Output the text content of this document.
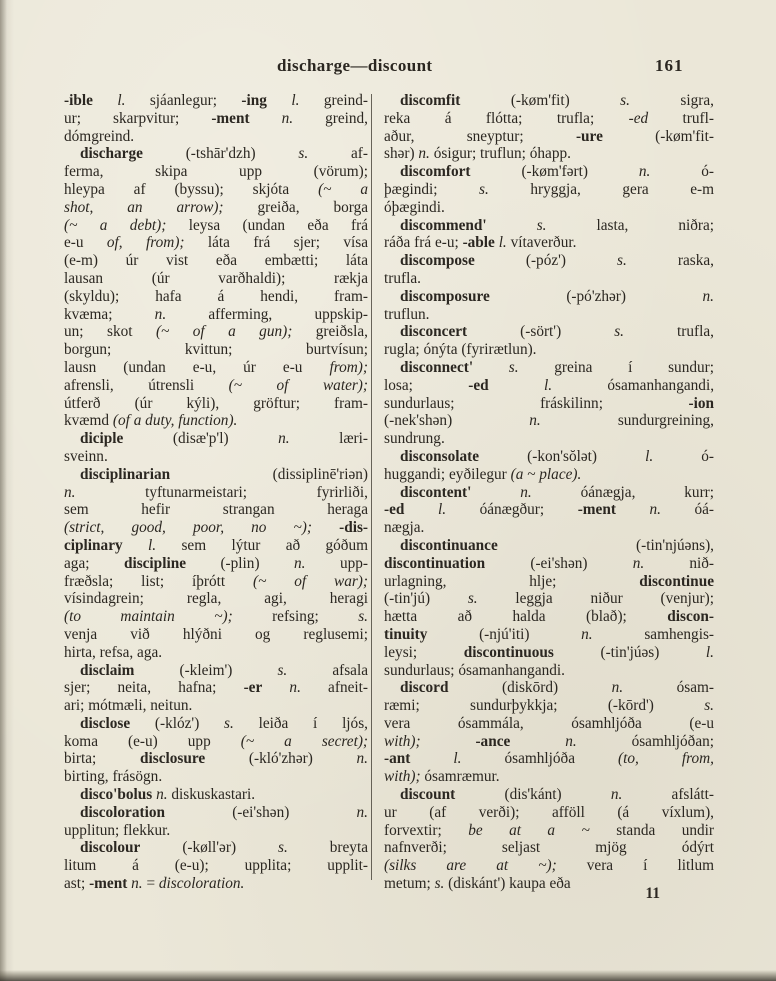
discharge—discount	161
-ible l. sjáanlegur; -ing l. greind-
ur; skarpvitur; -ment n. greind,
dómgreind.
discharge (-tshār'dzh) s. af-
ferma, skipa upp (vörum);
hleypa af (byssu); skjóta (~ a
shot, an arrow); greiða, borga
(~ a debt); leysa (undan eða frá
e-u of, from); láta frá sjer; vísa
(e-m) úr vist eða embætti; láta
lausan (úr varðhaldi); rækja
(skyldu); hafa á hendi, fram-
kvæma; n. afferming, uppskip-
un; skot (~ of a gun); greiðsla,
borgun; kvittun; burtvísun;
lausn (undan e-u, úr e-u from);
afrensli, útrensli (~ of water);
útferð (úr kýli), gröftur; fram-
kvæmd (of a duty, function).
diciple (disæ'p'l) n. læri-
sveinn.
disciplinarian (dissiplinē'riən)
n. tyftunarmeistari; fyrirliði,
sem hefir strangan heraga
(strict, good, poor, no ~); -dis-
ciplinary l. sem lýtur að góðum
aga; discipline (-plin) n. upp-
fræðsla; list; íþrótt (~ of war);
vísindagrein; regla, agi, heragi
(to maintain ~); refsing; s.
venja við hlýðni og reglusemi;
hirta, refsa, aga.
disclaim (-kleim') s. afsala
sjer; neita, hafna; -er n. afneit-
ari; mótmæli, neitun.
disclose (-klóz') s. leiða í ljós,
koma (e-u) upp (~ a secret);
birta; disclosure (-kló'zhər) n.
birting, frásögn.
disco'bolus n. diskuskastari.
discoloration (-ei'shən) n.
upplitun; flekkur.
discolour (-køll'ər) s. breyta
litum á (e-u); upplita; upplit-
ast; -ment n. = discoloration.
discomfit (-køm'fit) s. sigra,
reka á flótta; trufla; -ed trufl-
aður, sneyptur; -ure (-køm'fit-
shər) n. ósigur; truflun; óhapp.
discomfort (-køm'fərt) n. ó-
þægindi; s. hryggja, gera e-m
óþægindi.
discommend'	s. lasta, niðra;
ráða frá e-u; -able l. vítaverður.
discompose (-póz') s. raska,
trufla.
discomposure (-pó'zhər) n.
truflun.
disconcert (-sört') s. trufla,
rugla; ónýta (fyrirætlun).
disconnect' s. greina í sundur;
losa; -ed	l. ósamanhangandi,
sundurlaus; fráskilinn; -ion
(-nek'shən) n. sundurgreining,
sundrung.
disconsolate (-kon'sŏlət) l. ó-
huggandi; eyðilegur (a ~ place).
discontent'	n. óánægja, kurr;
-ed l. óánægður; -ment n. óá-
nægja.
discontinuance (-tin'njúəns),
discontinuation (-ei'shən) n. nið-
urlagning, hlje; discontinue
(-tin'jú) s. leggja niður (venjur);
hætta að halda (blað); discon-
tinuity (-njú'iti) n. samhengis-
leysi; discontinuous (-tin'júəs) l.
sundurlaus; ósamanhangandi.
discord (diskōrd) n. ósam-
ræmi; sundurþykkja; (-kōrd') s.
vera ósammála, ósamhljóða (e-u
with);	-ance	n. ósamhljóðan;
-ant	l. ósamhljóða (to, from,
with); ósamræmur.
discount (dis'kánt) n. afslátt-
ur (af verði); afföll (á víxlum),
forvextir; be at a ~ standa undir
nafnverði; seljast mjög ódýrt
(silks are at ~); vera í litlum
metum; s. (diskánt') kaupa eða
11
